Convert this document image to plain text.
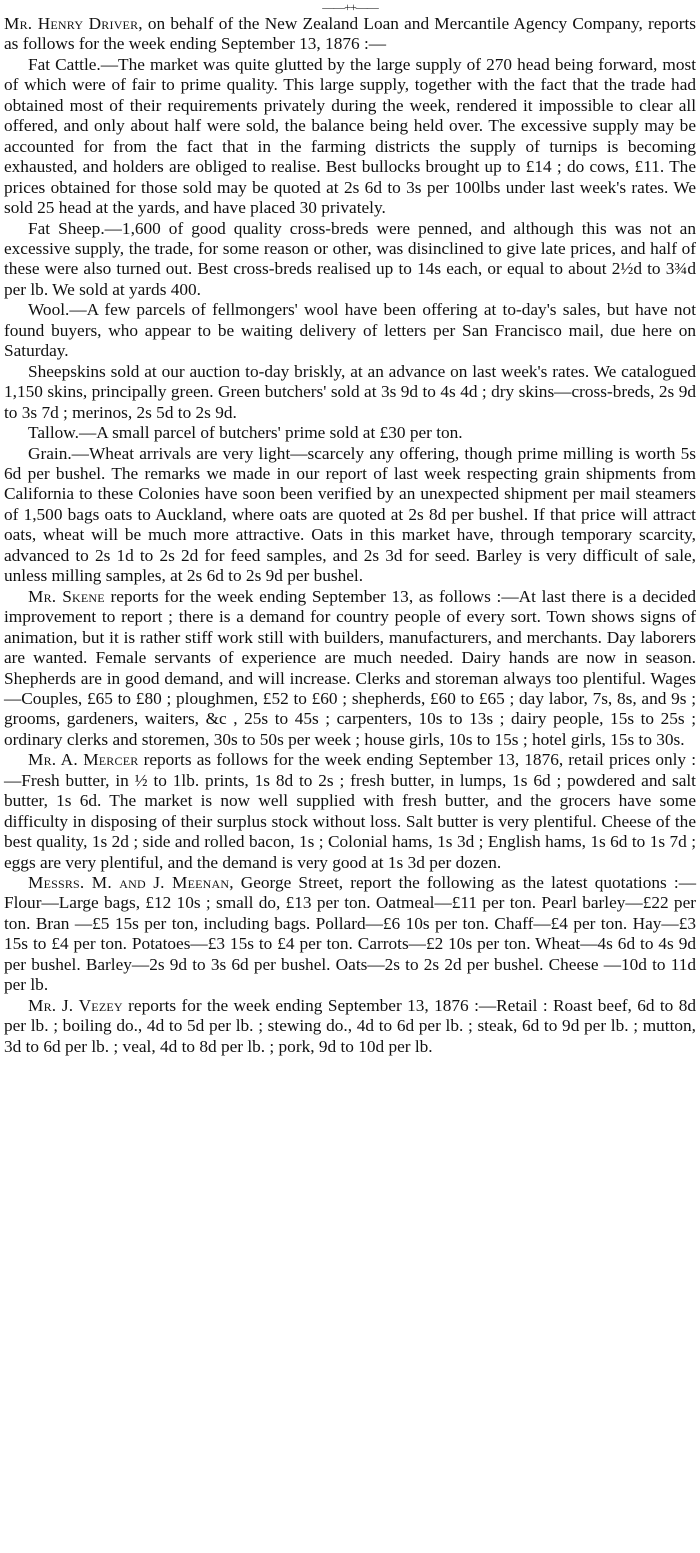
——++——

Mr. Henry Driver, on behalf of the New Zealand Loan and Mercantile Agency Company, reports as follows for the week ending September 13, 1876 :—

Fat Cattle.—The market was quite glutted by the large supply of 270 head being forward, most of which were of fair to prime quality. This large supply, together with the fact that the trade had obtained most of their requirements privately during the week, rendered it impossible to clear all offered, and only about half were sold, the balance being held over. The excessive supply may be accounted for from the fact that in the farming districts the supply of turnips is becoming exhausted, and holders are obliged to realise. Best bullocks brought up to £14 ; do cows, £11. The prices obtained for those sold may be quoted at 2s 6d to 3s per 100lbs under last week's rates. We sold 25 head at the yards, and have placed 30 privately.

Fat Sheep.—1,600 of good quality cross-breds were penned, and although this was not an excessive supply, the trade, for some reason or other, was disinclined to give late prices, and half of these were also turned out. Best cross-breds realised up to 14s each, or equal to about 2½d to 3¾d per lb. We sold at yards 400.

Wool.—A few parcels of fellmongers' wool have been offering at to-day's sales, but have not found buyers, who appear to be waiting delivery of letters per San Francisco mail, due here on Saturday.

Sheepskins sold at our auction to-day briskly, at an advance on last week's rates. We catalogued 1,150 skins, principally green. Green butchers' sold at 3s 9d to 4s 4d ; dry skins—cross-breds, 2s 9d to 3s 7d ; merinos, 2s 5d to 2s 9d.

Tallow.—A small parcel of butchers' prime sold at £30 per ton.

Grain.—Wheat arrivals are very light—scarcely any offering, though prime milling is worth 5s 6d per bushel. The remarks we made in our report of last week respecting grain shipments from California to these Colonies have soon been verified by an unexpected shipment per mail steamers of 1,500 bags oats to Auckland, where oats are quoted at 2s 8d per bushel. If that price will attract oats, wheat will be much more attractive. Oats in this market have, through temporary scarcity, advanced to 2s 1d to 2s 2d for feed samples, and 2s 3d for seed. Barley is very difficult of sale, unless milling samples, at 2s 6d to 2s 9d per bushel.

Mr. Skene reports for the week ending September 13, as follows :—At last there is a decided improvement to report ; there is a demand for country people of every sort. Town shows signs of animation, but it is rather stiff work still with builders, manufacturers, and merchants. Day laborers are wanted. Female servants of experience are much needed. Dairy hands are now in season. Shepherds are in good demand, and will increase. Clerks and storeman always too plentiful. Wages—Couples, £65 to £80 ; ploughmen, £52 to £60 ; shepherds, £60 to £65 ; day labor, 7s, 8s, and 9s ; grooms, gardeners, waiters, &c , 25s to 45s ; carpenters, 10s to 13s ; dairy people, 15s to 25s ; ordinary clerks and storemen, 30s to 50s per week ; house girls, 10s to 15s ; hotel girls, 15s to 30s.

Mr. A. Mercer reports as follows for the week ending September 13, 1876, retail prices only :—Fresh butter, in ½ to 1lb. prints, 1s 8d to 2s ; fresh butter, in lumps, 1s 6d ; powdered and salt butter, 1s 6d. The market is now well supplied with fresh butter, and the grocers have some difficulty in disposing of their surplus stock without loss. Salt butter is very plentiful. Cheese of the best quality, 1s 2d ; side and rolled bacon, 1s ; Colonial hams, 1s 3d ; English hams, 1s 6d to 1s 7d ; eggs are very plentiful, and the demand is very good at 1s 3d per dozen.

Messrs. M. and J. Meenan, George Street, report the following as the latest quotations :— Flour—Large bags, £12 10s ; small do, £13 per ton. Oatmeal—£11 per ton. Pearl barley—£22 per ton. Bran —£5 15s per ton, including bags. Pollard—£6 10s per ton. Chaff—£4 per ton. Hay—£3 15s to £4 per ton. Potatoes—£3 15s to £4 per ton. Carrots—£2 10s per ton. Wheat—4s 6d to 4s 9d per bushel. Barley—2s 9d to 3s 6d per bushel. Oats—2s to 2s 2d per bushel. Cheese —10d to 11d per lb.

Mr. J. Vezey reports for the week ending September 13, 1876 :—Retail : Roast beef, 6d to 8d per lb. ; boiling do., 4d to 5d per lb. ; stewing do., 4d to 6d per lb. ; steak, 6d to 9d per lb. ; mutton, 3d to 6d per lb. ; veal, 4d to 8d per lb. ; pork, 9d to 10d per lb.
